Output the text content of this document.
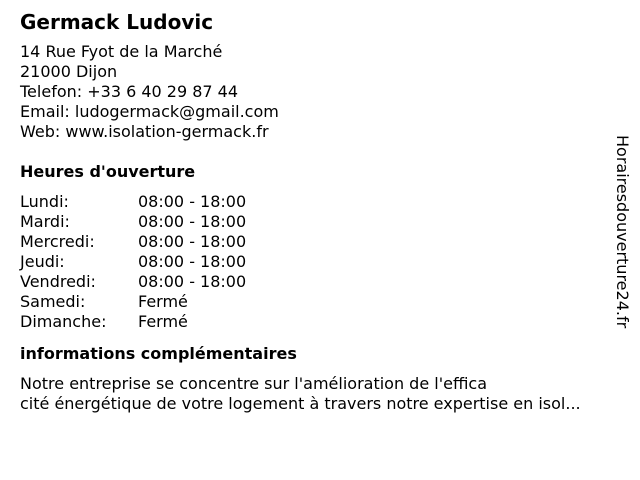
Germack Ludovic
14 Rue Fyot de la Marché
21000 Dijon
Telefon: +33 6 40 29 87 44
Email: ludogermack@gmail.com
Web: www.isolation-germack.fr
Heures d'ouverture
Lundi:	08:00 - 18:00
Mardi:	08:00 - 18:00
Mercredi:	08:00 - 18:00
Jeudi:	08:00 - 18:00
Vendredi:	08:00 - 18:00
Samedi:	Fermé
Dimanche:	Fermé
informations complémentaires
Notre entreprise se concentre sur l'amélioration de l'effica
cité énergétique de votre logement à travers notre expertise en isol...
Horairesdouverture24.fr
